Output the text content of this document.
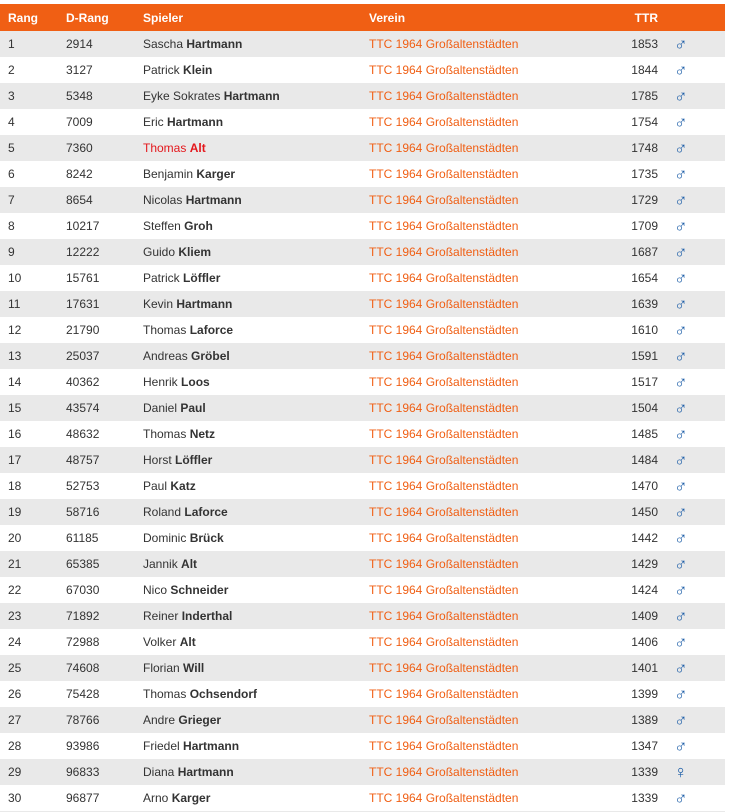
Rang	D-Rang	Spieler	Verein	TTR	
1	2914	Sascha Hartmann	TTC 1964 Großaltenstädten	1853	♂
2	3127	Patrick Klein	TTC 1964 Großaltenstädten	1844	♂
3	5348	Eyke Sokrates Hartmann	TTC 1964 Großaltenstädten	1785	♂
4	7009	Eric Hartmann	TTC 1964 Großaltenstädten	1754	♂
5	7360	Thomas Alt	TTC 1964 Großaltenstädten	1748	♂
6	8242	Benjamin Karger	TTC 1964 Großaltenstädten	1735	♂
7	8654	Nicolas Hartmann	TTC 1964 Großaltenstädten	1729	♂
8	10217	Steffen Groh	TTC 1964 Großaltenstädten	1709	♂
9	12222	Guido Kliem	TTC 1964 Großaltenstädten	1687	♂
10	15761	Patrick Löffler	TTC 1964 Großaltenstädten	1654	♂
11	17631	Kevin Hartmann	TTC 1964 Großaltenstädten	1639	♂
12	21790	Thomas Laforce	TTC 1964 Großaltenstädten	1610	♂
13	25037	Andreas Gröbel	TTC 1964 Großaltenstädten	1591	♂
14	40362	Henrik Loos	TTC 1964 Großaltenstädten	1517	♂
15	43574	Daniel Paul	TTC 1964 Großaltenstädten	1504	♂
16	48632	Thomas Netz	TTC 1964 Großaltenstädten	1485	♂
17	48757	Horst Löffler	TTC 1964 Großaltenstädten	1484	♂
18	52753	Paul Katz	TTC 1964 Großaltenstädten	1470	♂
19	58716	Roland Laforce	TTC 1964 Großaltenstädten	1450	♂
20	61185	Dominic Brück	TTC 1964 Großaltenstädten	1442	♂
21	65385	Jannik Alt	TTC 1964 Großaltenstädten	1429	♂
22	67030	Nico Schneider	TTC 1964 Großaltenstädten	1424	♂
23	71892	Reiner Inderthal	TTC 1964 Großaltenstädten	1409	♂
24	72988	Volker Alt	TTC 1964 Großaltenstädten	1406	♂
25	74608	Florian Will	TTC 1964 Großaltenstädten	1401	♂
26	75428	Thomas Ochsendorf	TTC 1964 Großaltenstädten	1399	♂
27	78766	Andre Grieger	TTC 1964 Großaltenstädten	1389	♂
28	93986	Friedel Hartmann	TTC 1964 Großaltenstädten	1347	♂
29	96833	Diana Hartmann	TTC 1964 Großaltenstädten	1339	♀
30	96877	Arno Karger	TTC 1964 Großaltenstädten	1339	♂
